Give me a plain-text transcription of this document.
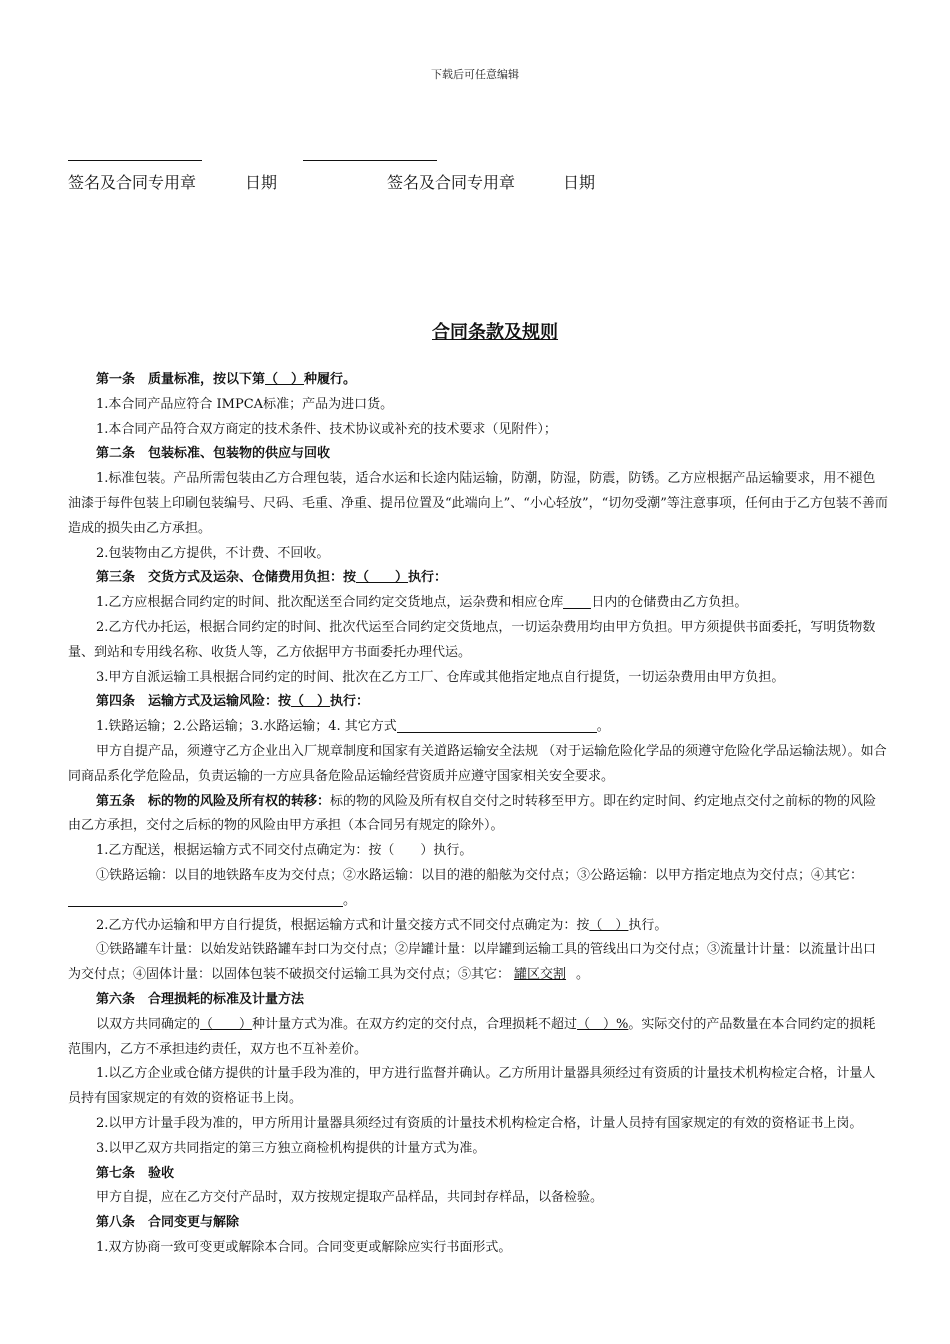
下载后可任意编辑
签名及合同专用章	日期	签名及合同专用章	日期
合同条款及规则

第一条　质量标准，按以下第（　）种履行。

1.本合同产品应符合 IMPCA标准；产品为进口货。

1.本合同产品符合双方商定的技术条件、技术协议或补充的技术要求（见附件）；

第二条　包装标准、包装物的供应与回收

1.标准包装。产品所需包装由乙方合理包装，适合水运和长途内陆运输，防潮，防湿，防震，防锈。乙方应根据产品运输要求，用不褪色油漆于每件包装上印刷包装编号、尺码、毛重、净重、提吊位置及“此端向上”、“小心轻放”，“切勿受潮”等注意事项，任何由于乙方包装不善而造成的损失由乙方承担。

2.包装物由乙方提供，不计费、不回收。

第三条　交货方式及运杂、仓储费用负担：按（　　）执行：

1.乙方应根据合同约定的时间、批次配送至合同约定交货地点，运杂费和相应仓库 日内的仓储费由乙方负担。

2.乙方代办托运，根据合同约定的时间、批次代运至合同约定交货地点，一切运杂费用均由甲方负担。甲方须提供书面委托，写明货物数量、到站和专用线名称、收货人等，乙方依据甲方书面委托办理代运。

3.甲方自派运输工具根据合同约定的时间、批次在乙方工厂、仓库或其他指定地点自行提货，一切运杂费用由甲方负担。

第四条　运输方式及运输风险：按（　）执行：

1.铁路运输；2.公路运输；3.水路运输；4. 其它方式	。

甲方自提产品，须遵守乙方企业出入厂规章制度和国家有关道路运输安全法规 （对于运输危险化学品的须遵守危险化学品运输法规）。如合同商品系化学危险品，负责运输的一方应具备危险品运输经营资质并应遵守国家相关安全要求。

第五条　标的物的风险及所有权的转移：标的物的风险及所有权自交付之时转移至甲方。即在约定时间、约定地点交付之前标的物的风险由乙方承担，交付之后标的物的风险由甲方承担（本合同另有规定的除外）。

1.乙方配送，根据运输方式不同交付点确定为：按（　　）执行。

①铁路运输：以目的地铁路车皮为交付点；②水路运输：以目的港的船舷为交付点；③公路运输：以甲方指定地点为交付点；④其它：。

2.乙方代办运输和甲方自行提货，根据运输方式和计量交接方式不同交付点确定为：按（　）执行。

①铁路罐车计量：以始发站铁路罐车封口为交付点；②岸罐计量：以岸罐到运输工具的管线出口为交付点；③流量计计量：以流量计出口为交付点；④固体计量：以固体包装不破损交付运输工具为交付点；⑤其它： 罐区交割 。

第六条　合理损耗的标准及计量方法

以双方共同确定的（　　）种计量方式为准。在双方约定的交付点，合理损耗不超过（　）%。实际交付的产品数量在本合同约定的损耗范围内，乙方不承担违约责任，双方也不互补差价。

1.以乙方企业或仓储方提供的计量手段为准的，甲方进行监督并确认。乙方所用计量器具须经过有资质的计量技术机构检定合格，计量人员持有国家规定的有效的资格证书上岗。

2.以甲方计量手段为准的，甲方所用计量器具须经过有资质的计量技术机构检定合格，计量人员持有国家规定的有效的资格证书上岗。

3.以甲乙双方共同指定的第三方独立商检机构提供的计量方式为准。

第七条　验收

甲方自提，应在乙方交付产品时，双方按规定提取产品样品，共同封存样品，以备检验。

第八条　合同变更与解除

1.双方协商一致可变更或解除本合同。合同变更或解除应实行书面形式。
